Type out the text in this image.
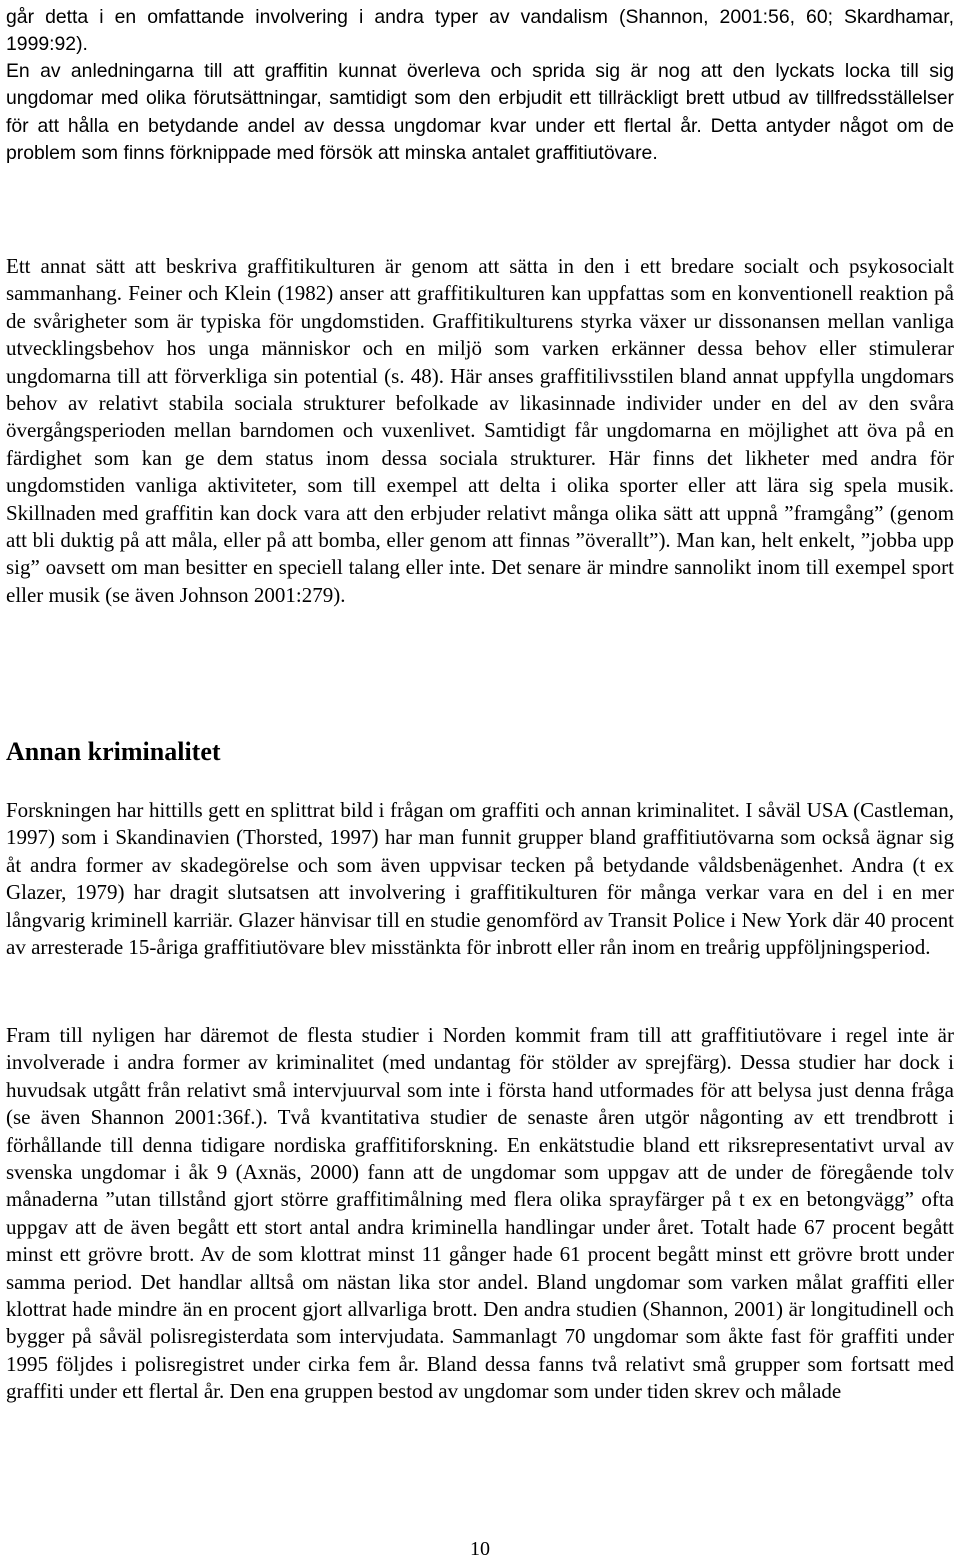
går detta i en omfattande involvering i andra typer av vandalism (Shannon, 2001:56, 60; Skardhamar, 1999:92).

En av anledningarna till att graffitin kunnat överleva och sprida sig är nog att den lyckats locka till sig ungdomar med olika förutsättningar, samtidigt som den erbjudit ett tillräckligt brett utbud av tillfredsställelser för att hålla en betydande andel av dessa ungdomar kvar under ett flertal år. Detta antyder något om de problem som finns förknippade med försök att minska antalet graffitiutövare.

Ett annat sätt att beskriva graffitikulturen är genom att sätta in den i ett bredare socialt och psykosocialt sammanhang. Feiner och Klein (1982) anser att graffitikulturen kan uppfattas som en konventionell reaktion på de svårigheter som är typiska för ungdomstiden. Graffitikulturens styrka växer ur dissonansen mellan vanliga utvecklingsbehov hos unga människor och en miljö som varken erkänner dessa behov eller stimulerar ungdomarna till att förverkliga sin potential (s. 48). Här anses graffitilivsstilen bland annat uppfylla ungdomars behov av relativt stabila sociala strukturer befolkade av likasinnade individer under en del av den svåra övergångsperioden mellan barndomen och vuxenlivet. Samtidigt får ungdomarna en möjlighet att öva på en färdighet som kan ge dem status inom dessa sociala strukturer. Här finns det likheter med andra för ungdomstiden vanliga aktiviteter, som till exempel att delta i olika sporter eller att lära sig spela musik. Skillnaden med graffitin kan dock vara att den erbjuder relativt många olika sätt att uppnå ”framgång” (genom att bli duktig på att måla, eller på att bomba, eller genom att finnas ”överallt”). Man kan, helt enkelt, ”jobba upp sig” oavsett om man besitter en speciell talang eller inte. Det senare är mindre sannolikt inom till exempel sport eller musik (se även Johnson 2001:279).

Annan kriminalitet

Forskningen har hittills gett en splittrat bild i frågan om graffiti och annan kriminalitet. I såväl USA (Castleman, 1997) som i Skandinavien (Thorsted, 1997) har man funnit grupper bland graffitiutövarna som också ägnar sig åt andra former av skadegörelse och som även uppvisar tecken på betydande våldsbenägenhet. Andra (t ex Glazer, 1979) har dragit slutsatsen att involvering i graffitikulturen för många verkar vara en del i en mer långvarig kriminell karriär. Glazer hänvisar till en studie genomförd av Transit Police i New York där 40 procent av arresterade 15-åriga graffitiutövare blev misstänkta för inbrott eller rån inom en treårig uppföljningsperiod.

Fram till nyligen har däremot de flesta studier i Norden kommit fram till att graffitiutövare i regel inte är involverade i andra former av kriminalitet (med undantag för stölder av sprejfärg). Dessa studier har dock i huvudsak utgått från relativt små intervjuurval som inte i första hand utformades för att belysa just denna fråga (se även Shannon 2001:36f.). Två kvantitativa studier de senaste åren utgör någonting av ett trendbrott i förhållande till denna tidigare nordiska graffitiforskning. En enkätstudie bland ett riksrepresentativt urval av svenska ungdomar i åk 9 (Axnäs, 2000) fann att de ungdomar som uppgav att de under de föregående tolv månaderna ”utan tillstånd gjort större graffitimålning med flera olika sprayfärger på t ex en betongvägg” ofta uppgav att de även begått ett stort antal andra kriminella handlingar under året. Totalt hade 67 procent begått minst ett grövre brott. Av de som klottrat minst 11 gånger hade 61 procent begått minst ett grövre brott under samma period. Det handlar alltså om nästan lika stor andel. Bland ungdomar som varken målat graffiti eller klottrat hade mindre än en procent gjort allvarliga brott. Den andra studien (Shannon, 2001) är longitudinell och bygger på såväl polisregisterdata som intervjudata. Sammanlagt 70 ungdomar som åkte fast för graffiti under 1995 följdes i polisregistret under cirka fem år. Bland dessa fanns två relativt små grupper som fortsatt med graffiti under ett flertal år. Den ena gruppen bestod av ungdomar som under tiden skrev och målade

10
